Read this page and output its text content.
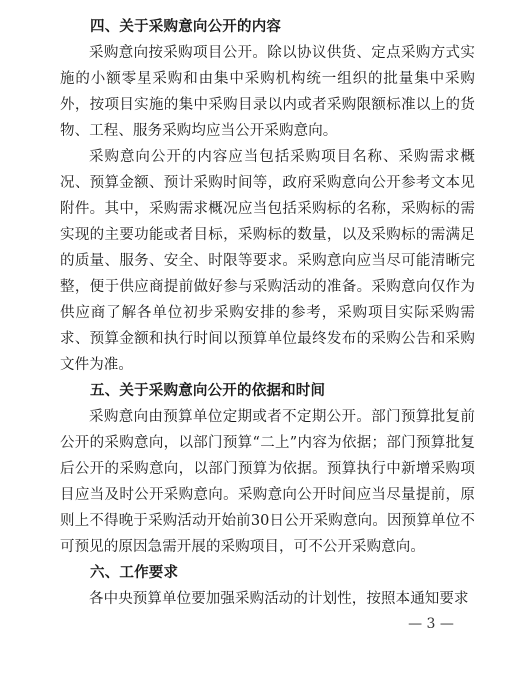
四、关于采购意向公开的内容

采购意向按采购项目公开。除以协议供货、定点采购方式实施的小额零星采购和由集中采购机构统一组织的批量集中采购外，按项目实施的集中采购目录以内或者采购限额标准以上的货物、工程、服务采购均应当公开采购意向。

采购意向公开的内容应当包括采购项目名称、采购需求概况、预算金额、预计采购时间等，政府采购意向公开参考文本见附件。其中，采购需求概况应当包括采购标的名称，采购标的需实现的主要功能或者目标，采购标的数量，以及采购标的需满足的质量、服务、安全、时限等要求。采购意向应当尽可能清晰完整，便于供应商提前做好参与采购活动的准备。采购意向仅作为供应商了解各单位初步采购安排的参考，采购项目实际采购需求、预算金额和执行时间以预算单位最终发布的采购公告和采购文件为准。

五、关于采购意向公开的依据和时间

采购意向由预算单位定期或者不定期公开。部门预算批复前公开的采购意向，以部门预算“二上”内容为依据；部门预算批复后公开的采购意向，以部门预算为依据。预算执行中新增采购项目应当及时公开采购意向。采购意向公开时间应当尽量提前，原则上不得晚于采购活动开始前30日公开采购意向。因预算单位不可预见的原因急需开展的采购项目，可不公开采购意向。

六、工作要求

各中央预算单位要加强采购活动的计划性，按照本通知要求

— 3 —
